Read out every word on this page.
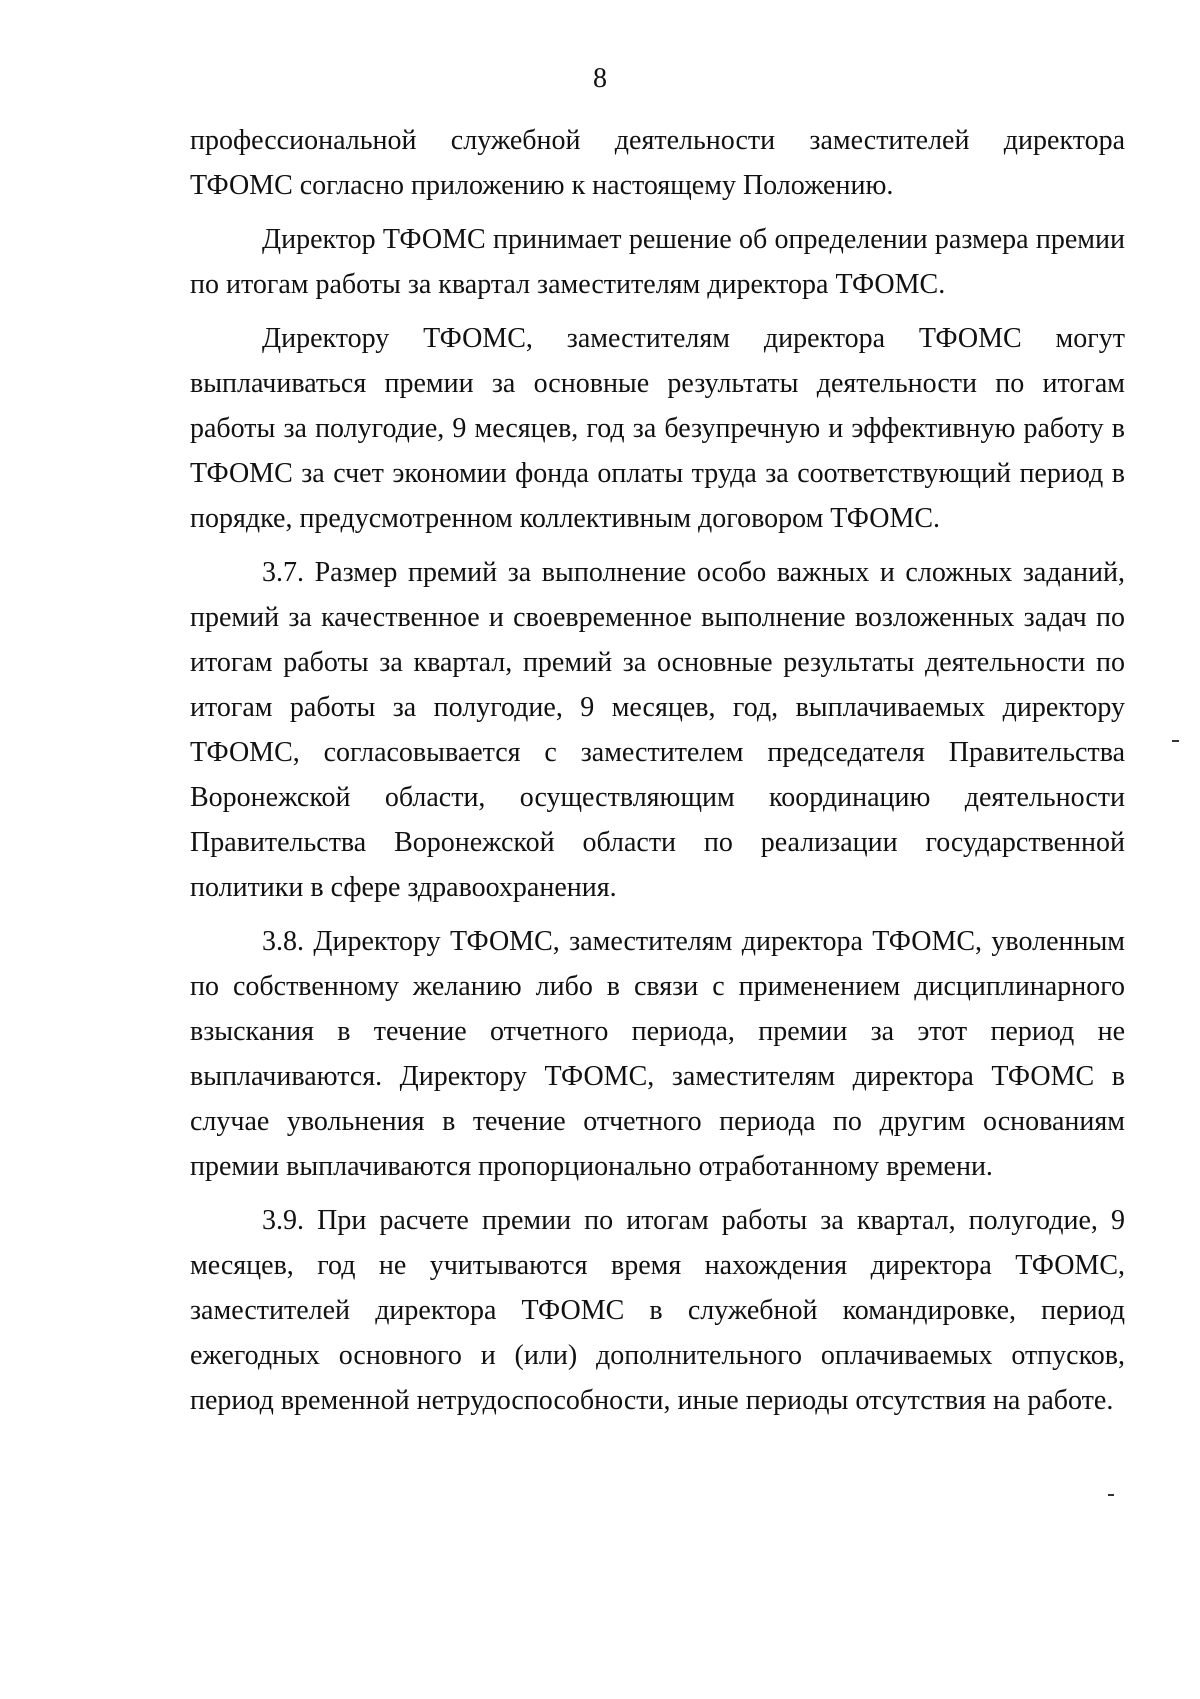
8

профессиональной служебной деятельности заместителей директора ТФОМС согласно приложению к настоящему Положению.

Директор ТФОМС принимает решение об определении размера премии по итогам работы за квартал заместителям директора ТФОМС.

Директору ТФОМС, заместителям директора ТФОМС могут выплачиваться премии за основные результаты деятельности по итогам работы за полугодие, 9 месяцев, год за безупречную и эффективную работу в ТФОМС за счет экономии фонда оплаты труда за соответствующий период в порядке, предусмотренном коллективным договором ТФОМС.

3.7. Размер премий за выполнение особо важных и сложных заданий, премий за качественное и своевременное выполнение возложенных задач по итогам работы за квартал, премий за основные результаты деятельности по итогам работы за полугодие, 9 месяцев, год, выплачиваемых директору ТФОМС, согласовывается с заместителем председателя Правительства Воронежской области, осуществляющим координацию деятельности Правительства Воронежской области по реализации государственной политики в сфере здравоохранения.

3.8. Директору ТФОМС, заместителям директора ТФОМС, уволенным по собственному желанию либо в связи с применением дисциплинарного взыскания в течение отчетного периода, премии за этот период не выплачиваются. Директору ТФОМС, заместителям директора ТФОМС в случае увольнения в течение отчетного периода по другим основаниям премии выплачиваются пропорционально отработанному времени.

3.9. При расчете премии по итогам работы за квартал, полугодие, 9 месяцев, год не учитываются время нахождения директора ТФОМС, заместителей директора ТФОМС в служебной командировке, период ежегодных основного и (или) дополнительного оплачиваемых отпусков, период временной нетрудоспособности, иные периоды отсутствия на работе.
